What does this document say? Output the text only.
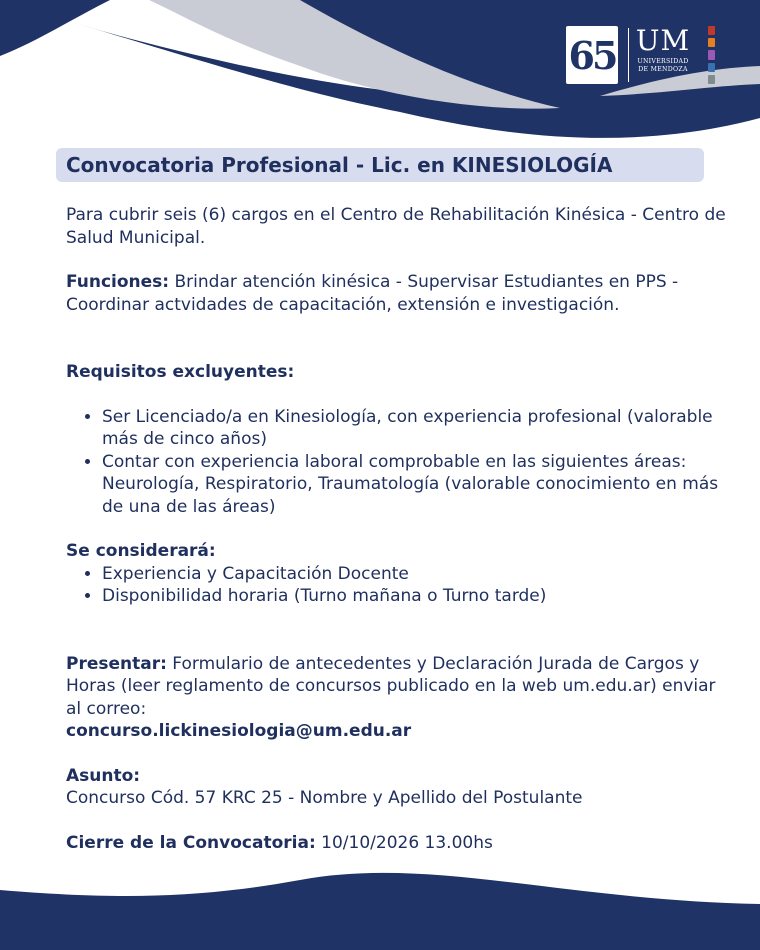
65 UM
UNIVERSIDAD
DE MENDOZA
Convocatoria Profesional - Lic. en KINESIOLOGÍA

Para cubrir seis (6) cargos en el Centro de Rehabilitación Kinésica - Centro de Salud Municipal.

Funciones: Brindar atención kinésica - Supervisar Estudiantes en PPS - Coordinar actvidades de capacitación, extensión e investigación.

Requisitos excluyentes:

• Ser Licenciado/a en Kinesiología, con experiencia profesional (valorable más de cinco años)
• Contar con experiencia laboral comprobable en las siguientes áreas: Neurología, Respiratorio, Traumatología (valorable conocimiento en más de una de las áreas)

Se considerará:

• Experiencia y Capacitación Docente
• Disponibilidad horaria (Turno mañana o Turno tarde)

Presentar: Formulario de antecedentes y Declaración Jurada de Cargos y Horas (leer reglamento de concursos publicado en la web um.edu.ar) enviar al correo:

concurso.lickinesiologia@um.edu.ar

Asunto:

Concurso Cód. 57 KRC 25 - Nombre y Apellido del Postulante

Cierre de la Convocatoria: 10/10/2026 13.00hs
